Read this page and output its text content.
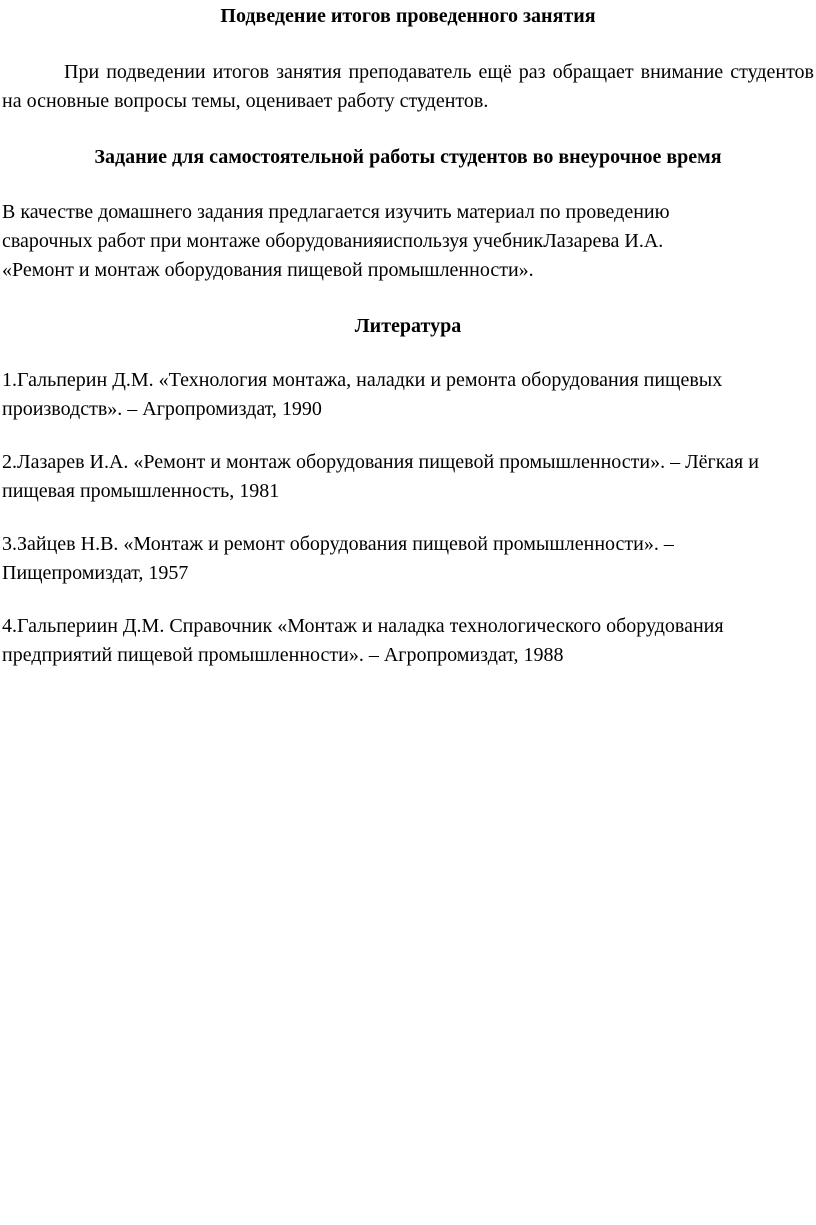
Подведение итогов проведенного занятия

При подведении итогов занятия преподаватель ещё раз обращает внимание студентов на основные вопросы темы, оценивает работу студентов.

Задание для самостоятельной работы студентов во внеурочное время

В качестве домашнего задания предлагается изучить материал по проведению
сварочных работ при монтаже оборудованияиспользуя учебникЛазарева И.А.
«Ремонт и монтаж оборудования пищевой промышленности».

Литература
1.Гальперин Д.М. «Технология монтажа, наладки и ремонта оборудования пищевых производств». – Агропромиздат, 1990
2.Лазарев И.А. «Ремонт и монтаж оборудования пищевой промышленности». – Лёгкая и пищевая промышленность, 1981
3.Зайцев Н.В. «Монтаж и ремонт оборудования пищевой промышленности». – Пищепромиздат, 1957
4.Гальпериин Д.М. Справочник «Монтаж и наладка технологического оборудования предприятий пищевой промышленности». – Агропромиздат, 1988
